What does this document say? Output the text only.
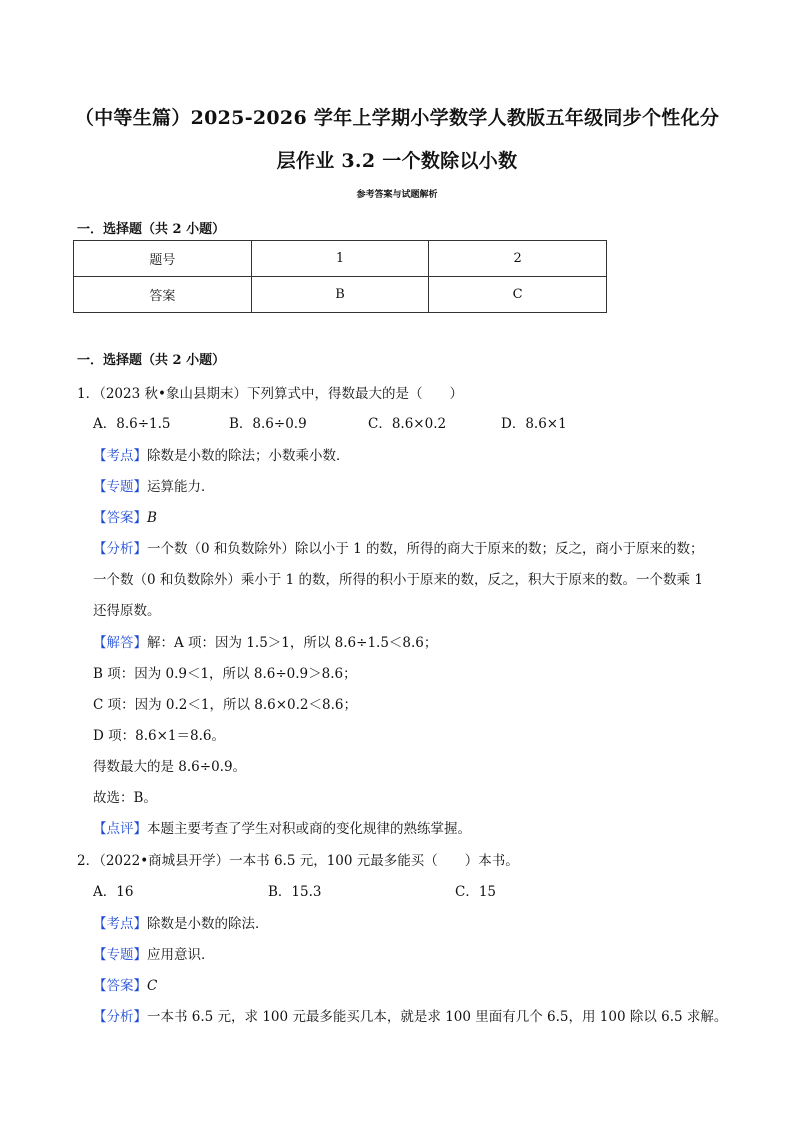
（中等生篇）2025-2026 学年上学期小学数学人教版五年级同步个性化分
层作业 3.2 一个数除以小数
参考答案与试题解析
一．选择题（共 2 小题）
题号	1	2
答案	B	C
一．选择题（共 2 小题）
1．（2023 秋•象山县期末）下列算式中，得数最大的是（　　）
A．8.6÷1.5	B．8.6÷0.9	C．8.6×0.2	D．8.6×1
【考点】除数是小数的除法；小数乘小数．
【专题】运算能力．
【答案】B
【分析】一个数（0 和负数除外）除以小于 1 的数，所得的商大于原来的数；反之，商小于原来的数；
一个数（0 和负数除外）乘小于 1 的数，所得的积小于原来的数，反之，积大于原来的数。一个数乘 1
还得原数。
【解答】解：A 项：因为 1.5＞1，所以 8.6÷1.5＜8.6；
B 项：因为 0.9＜1，所以 8.6÷0.9＞8.6；
C 项：因为 0.2＜1，所以 8.6×0.2＜8.6；
D 项：8.6×1＝8.6。
得数最大的是 8.6÷0.9。
故选：B。
【点评】本题主要考查了学生对积或商的变化规律的熟练掌握。
2．（2022•商城县开学）一本书 6.5 元，100 元最多能买（　　）本书。
A．16	B．15.3	C．15
【考点】除数是小数的除法．
【专题】应用意识．
【答案】C
【分析】一本书 6.5 元，求 100 元最多能买几本，就是求 100 里面有几个 6.5，用 100 除以 6.5 求解。
